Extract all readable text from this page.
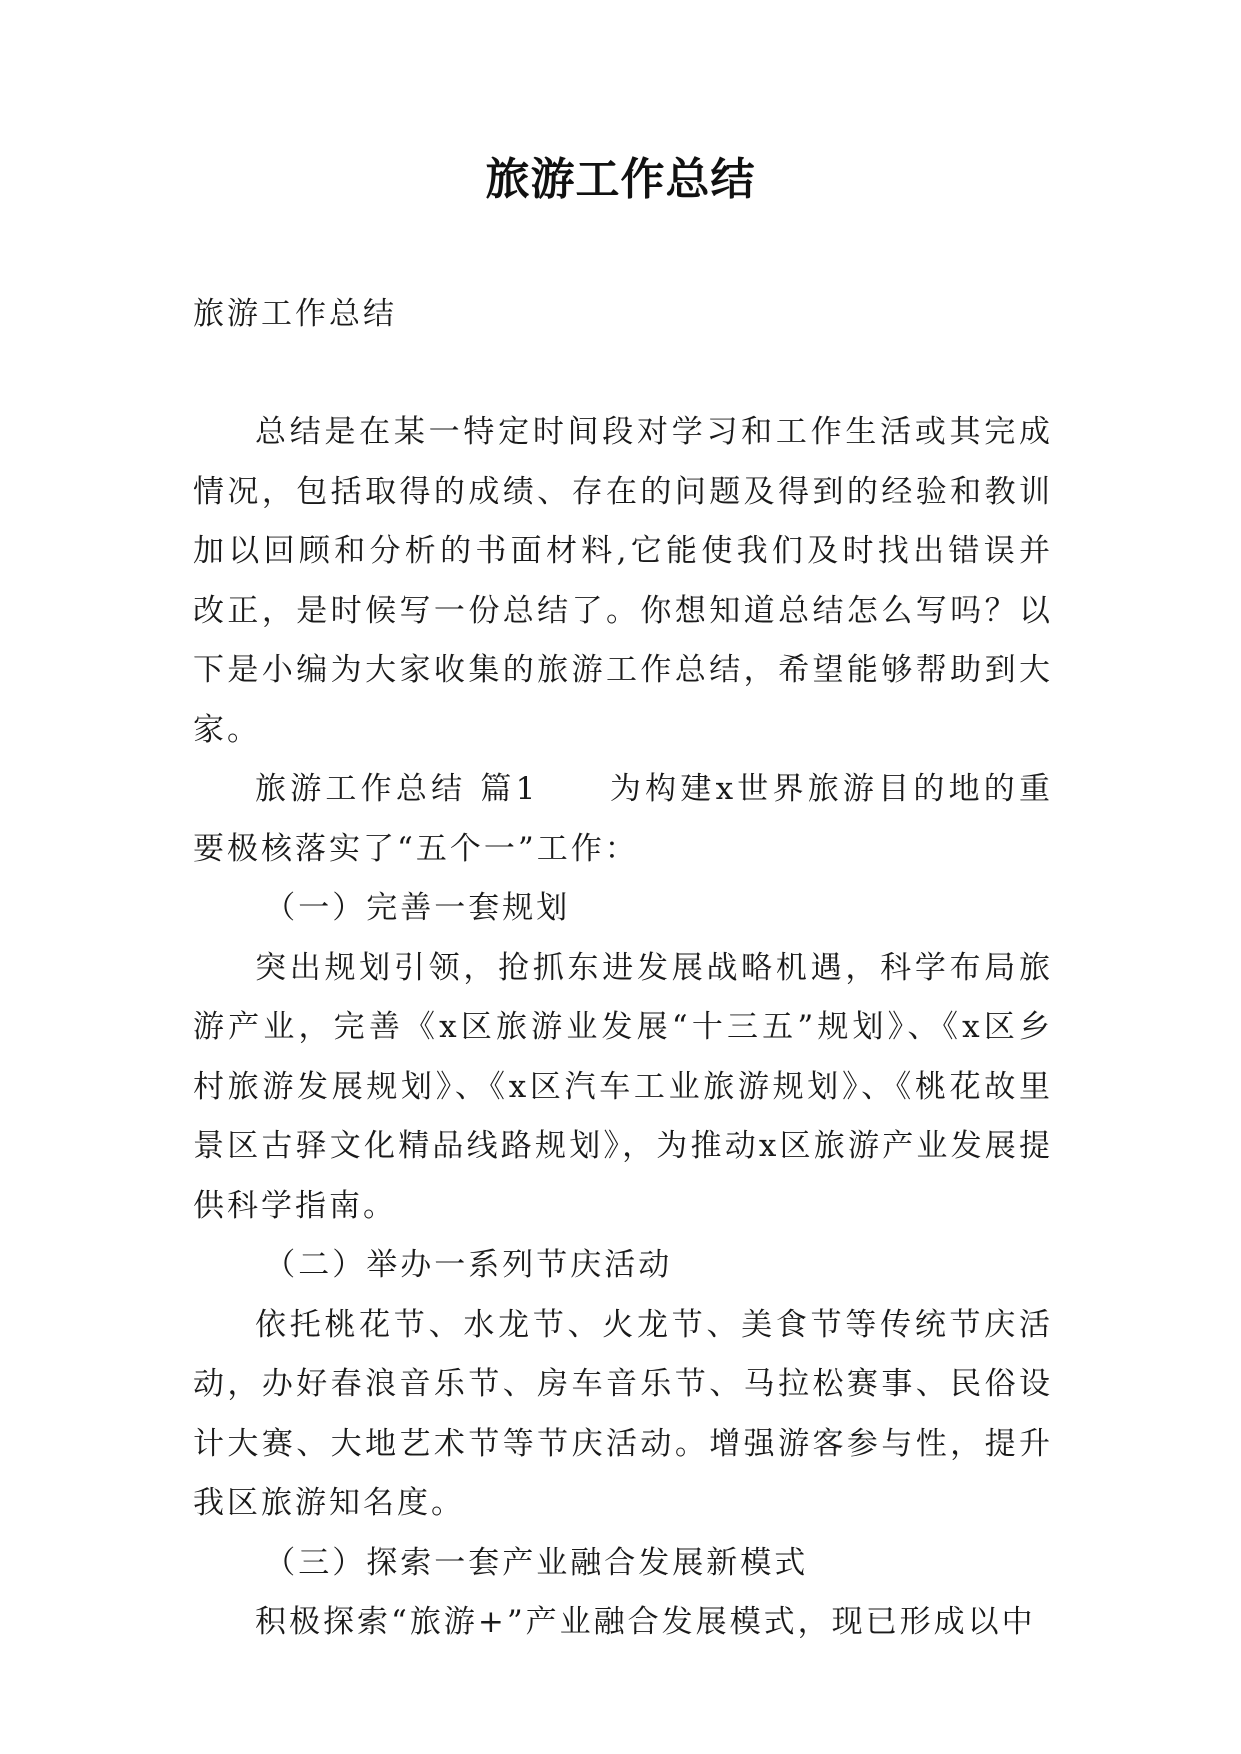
旅游工作总结
旅游工作总结

总结是在某一特定时间段对学习和工作生活或其完成情况，包括取得的成绩、存在的问题及得到的经验和教训加以回顾和分析的书面材料,它能使我们及时找出错误并改正，是时候写一份总结了。你想知道总结怎么写吗？以下是小编为大家收集的旅游工作总结，希望能够帮助到大家。

旅游工作总结 篇1　　为构建x世界旅游目的地的重要极核落实了“五个一”工作：

（一）完善一套规划

突出规划引领，抢抓东进发展战略机遇，科学布局旅游产业，完善《x区旅游业发展“十三五”规划》、《x区乡村旅游发展规划》、《x区汽车工业旅游规划》、《桃花故里景区古驿文化精品线路规划》，为推动x区旅游产业发展提供科学指南。

（二）举办一系列节庆活动

依托桃花节、水龙节、火龙节、美食节等传统节庆活动，办好春浪音乐节、房车音乐节、马拉松赛事、民俗设计大赛、大地艺术节等节庆活动。增强游客参与性，提升我区旅游知名度。

（三）探索一套产业融合发展新模式

积极探索“旅游+”产业融合发展模式，现已形成以中
